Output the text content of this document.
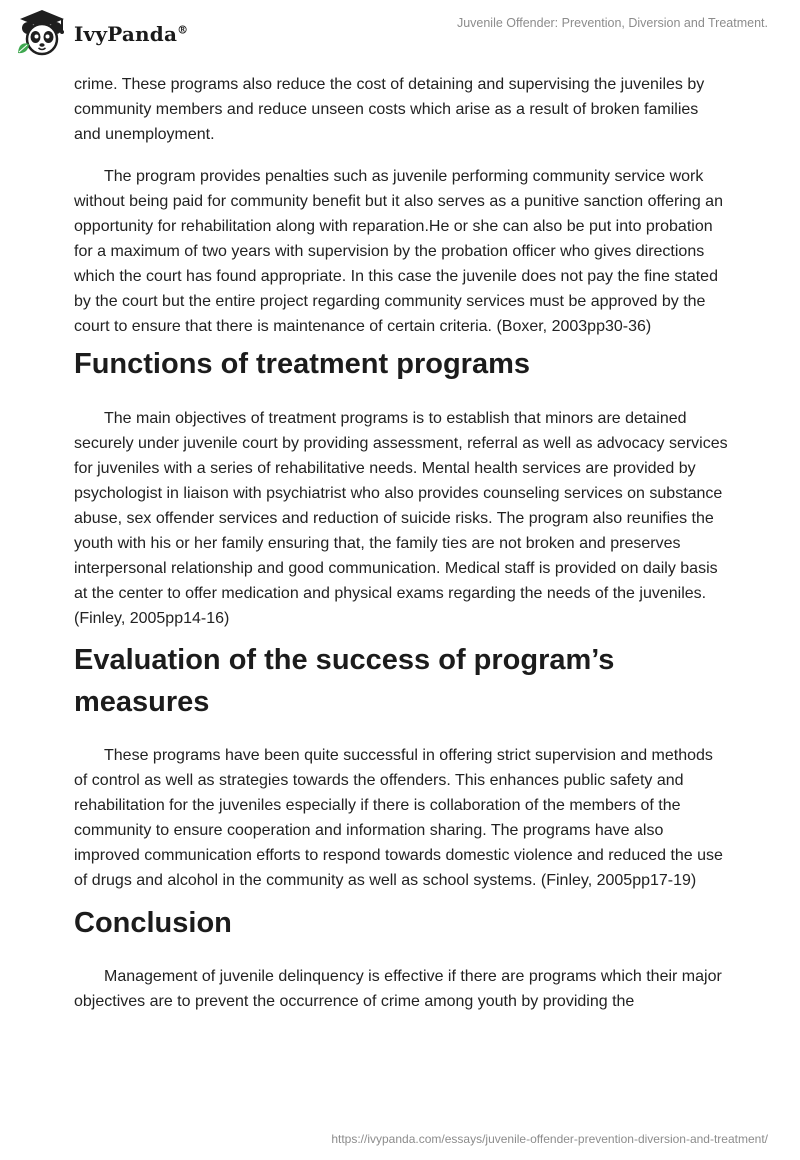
IvyPanda®	Juvenile Offender: Prevention, Diversion and Treatment.

crime. These programs also reduce the cost of detaining and supervising the juveniles by community members and reduce unseen costs which arise as a result of broken families and unemployment.

The program provides penalties such as juvenile performing community service work without being paid for community benefit but it also serves as a punitive sanction offering an opportunity for rehabilitation along with reparation.He or she can also be put into probation for a maximum of two years with supervision by the probation officer who gives directions which the court has found appropriate. In this case the juvenile does not pay the fine stated by the court but the entire project regarding community services must be approved by the court to ensure that there is maintenance of certain criteria. (Boxer, 2003pp30-36)

Functions of treatment programs

The main objectives of treatment programs is to establish that minors are detained securely under juvenile court by providing assessment, referral as well as advocacy services for juveniles with a series of rehabilitative needs. Mental health services are provided by psychologist in liaison with psychiatrist who also provides counseling services on substance abuse, sex offender services and reduction of suicide risks. The program also reunifies the youth with his or her family ensuring that, the family ties are not broken and preserves interpersonal relationship and good communication. Medical staff is provided on daily basis at the center to offer medication and physical exams regarding the needs of the juveniles. (Finley, 2005pp14-16)

Evaluation of the success of program’s measures

These programs have been quite successful in offering strict supervision and methods of control as well as strategies towards the offenders. This enhances public safety and rehabilitation for the juveniles especially if there is collaboration of the members of the community to ensure cooperation and information sharing. The programs have also improved communication efforts to respond towards domestic violence and reduced the use of drugs and alcohol in the community as well as school systems. (Finley, 2005pp17-19)

Conclusion

Management of juvenile delinquency is effective if there are programs which their major objectives are to prevent the occurrence of crime among youth by providing the

https://ivypanda.com/essays/juvenile-offender-prevention-diversion-and-treatment/
